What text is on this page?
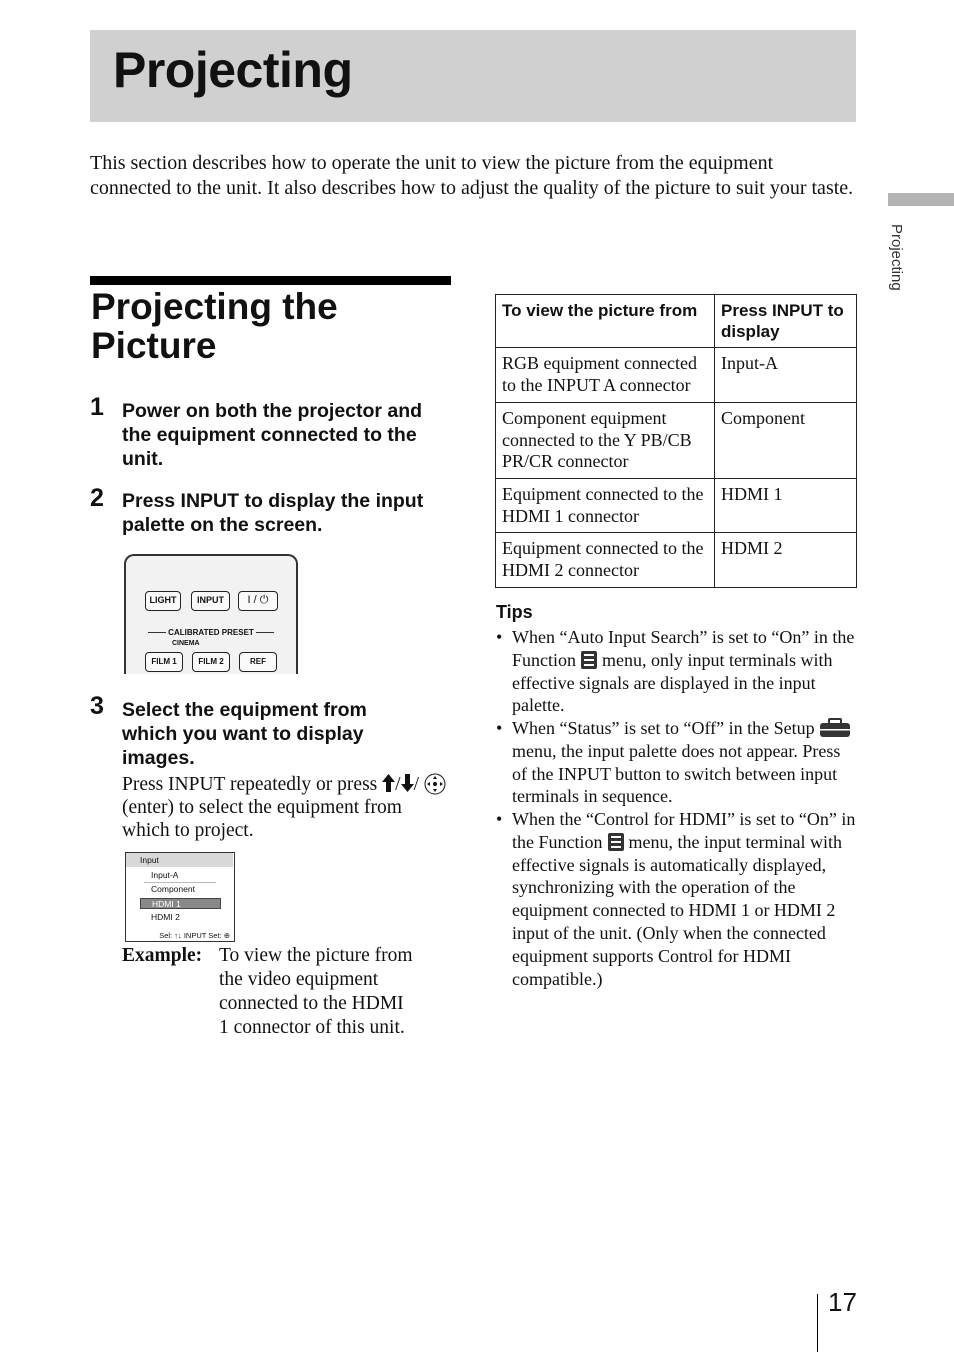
Projecting
This section describes how to operate the unit to view the picture from the equipment connected to the unit. It also describes how to adjust the quality of the picture to suit your taste.
Projecting
Projecting the
Picture
1 Power on both the projector and the equipment connected to the unit.
2 Press INPUT to display the input palette on the screen.
LIGHT	INPUT	I / ⏻
CALIBRATED PRESET
CINEMA
FILM 1	FILM 2	REF
3 Select the equipment from which you want to display images.
Press INPUT repeatedly or press / /  (enter) to select the equipment from which to project.
Input
Input-A
Component
HDMI 1
HDMI 2
Sel: ↑↓ INPUT Set: ⊕
Example: To view the picture from the video equipment connected to the HDMI 1 connector of this unit.
To view the picture from	Press INPUT to display
RGB equipment connected to the INPUT A connector	Input-A
Component equipment connected to the Y PB/CB PR/CR connector	Component
Equipment connected to the HDMI 1 connector	HDMI 1
Equipment connected to the HDMI 2 connector	HDMI 2
Tips
• When “Auto Input Search” is set to “On” in the Function menu, only input terminals with effective signals are displayed in the input palette.
• When “Status” is set to “Off” in the Setupmenu, the input palette does not appear. Press of the INPUT button to switch between input terminals in sequence.
• When the “Control for HDMI” is set to “On” in the Function menu, the input terminal with effective signals is automatically displayed, synchronizing with the operation of the equipment connected to HDMI 1 or HDMI 2 input of the unit. (Only when the connected equipment supports Control for HDMI compatible.)
17
